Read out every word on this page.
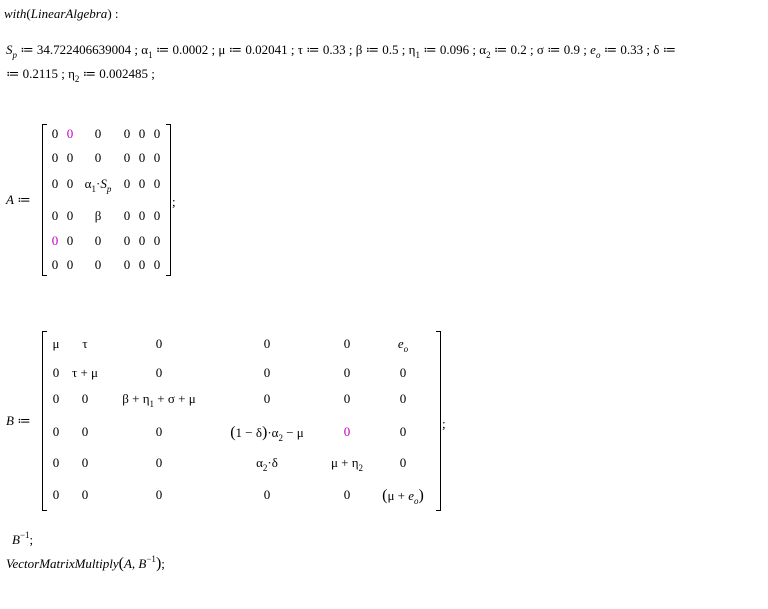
with(LinearAlgebra) :
$S_p$ ≔ 34.722406639004 ; $\alpha_1$ ≔ 0.0002 ; μ ≔ 0.02041 ; τ ≔ 0.33 ; β ≔ 0.5 ; $\eta_1$ ≔ 0.096 ; $\alpha_2$ ≔ 0.2 ; σ ≔ 0.9 ; $e_o$ ≔ 0.33 ; δ ≔
≔ 0.2115 ; $\eta_2$ ≔ 0.002485 ;
A ≔
0 0 0 0 0 0
0 0 0 0 0 0
0 0 $\alpha_1\cdot S_p$ 0 0 0
0 0 β 0 0 0
0 0 0 0 0 0
0 0 0 0 0 0
;
B ≔
μ τ	0	0	0	$e_o$
0 τ + μ	0	0	0	0
0 0	$\beta + \eta_1 + \sigma + \mu$	0	0	0
0 0	0	$(1 - \delta)\cdot\alpha_2 - \mu$	0	0
0 0	0	$\alpha_2\cdot\delta$	$\mu + \eta_2$	0
0 0	0	0	0 $(\mu + e_o)$
;
$B^{-1}$;
VectorMatrixMultiply(A, $B^{-1}$);
